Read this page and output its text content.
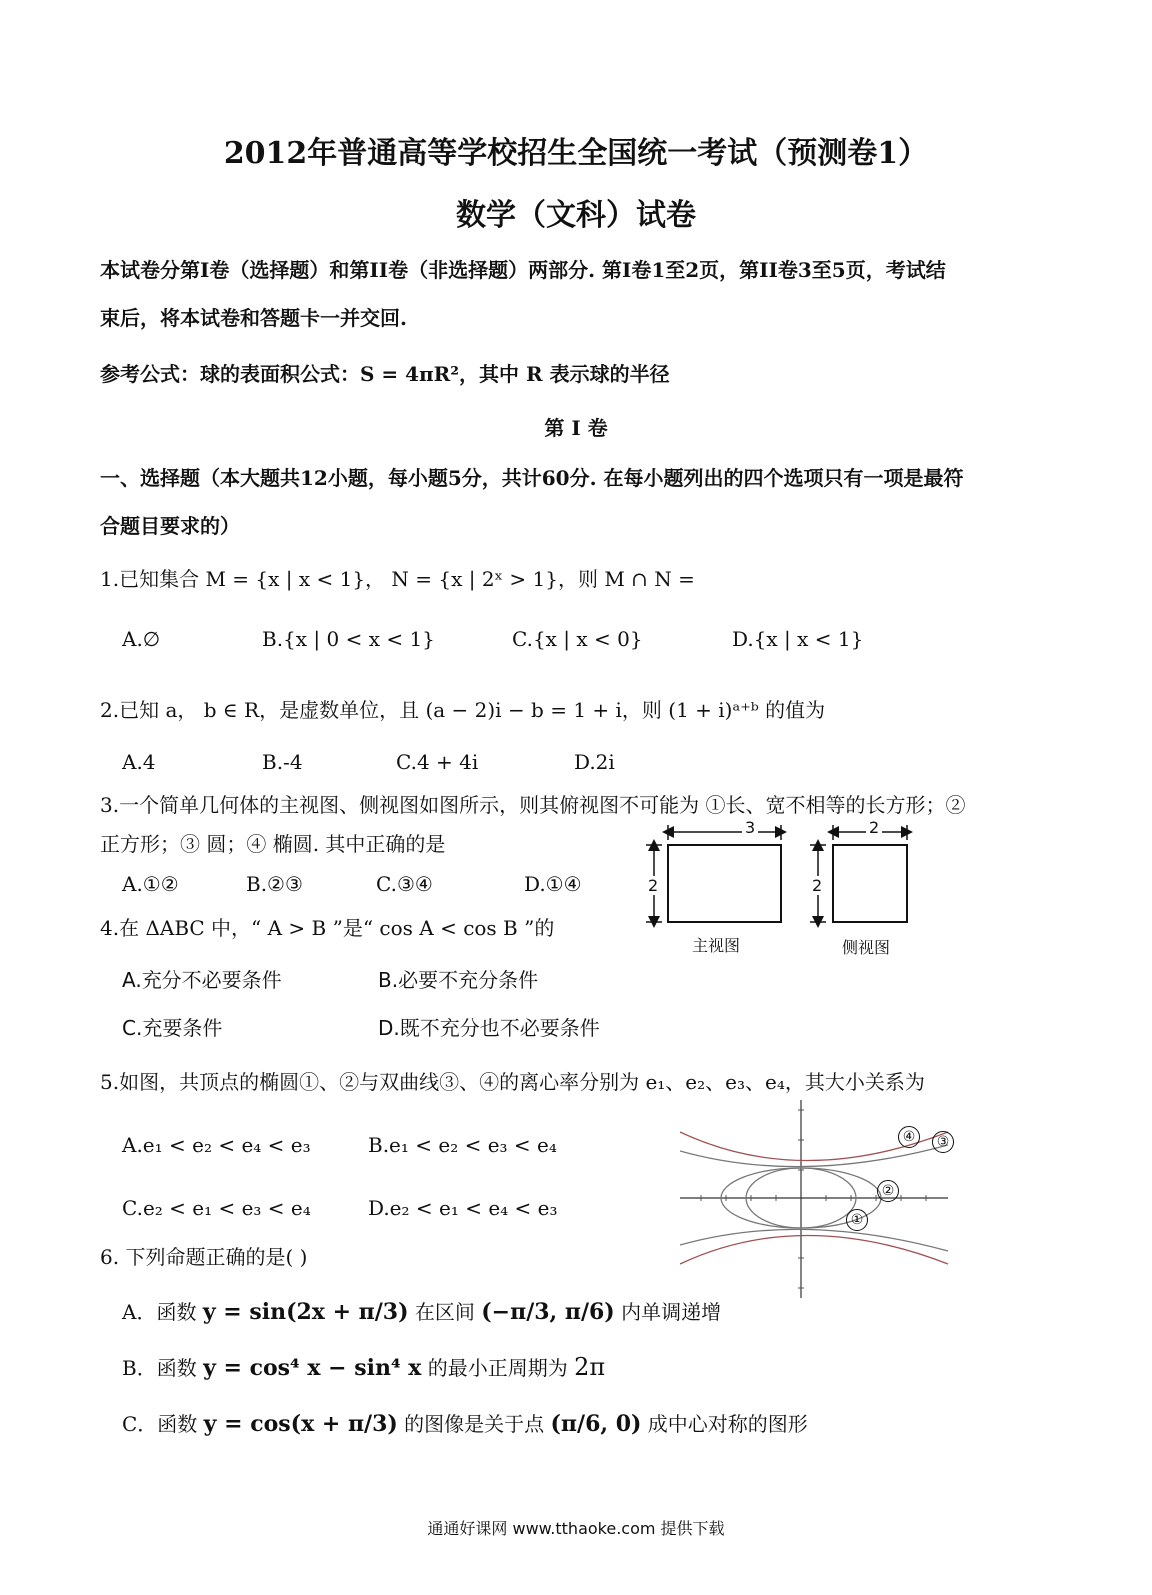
2012年普通高等学校招生全国统一考试（预测卷1）
数学（文科）试卷
本试卷分第I卷（选择题）和第II卷（非选择题）两部分. 第I卷1至2页，第II卷3至5页，考试结
束后，将本试卷和答题卡一并交回.
参考公式：球的表面积公式：S = 4πR²，其中 R 表示球的半径
第 I 卷
一、选择题（本大题共12小题，每小题5分，共计60分. 在每小题列出的四个选项只有一项是最符
合题目要求的）
1.已知集合 M = {x | x < 1}， N = {x | 2ˣ > 1}，则 M ∩ N =
A.∅	B.{x | 0 < x < 1}	C.{x | x < 0}	D.{x | x < 1}
2.已知 a， b ∈ R，是虚数单位，且 (a − 2)i − b = 1 + i，则 (1 + i)ᵃ⁺ᵇ 的值为
A.4	B.-4	C.4 + 4i	D.2i
3.一个简单几何体的主视图、侧视图如图所示，则其俯视图不可能为 ①长、宽不相等的长方形；②
正方形；③ 圆；④ 椭圆. 其中正确的是
A.①②	B.②③	C.③④	D.①④
3
2
2
2
主视图	侧视图
4.在 ΔABC 中，“ A > B ”是“ cos A < cos B ”的
A.充分不必要条件	B.必要不充分条件
C.充要条件	D.既不充分也不必要条件
5.如图，共顶点的椭圆①、②与双曲线③、④的离心率分别为 e₁、e₂、e₃、e₄，其大小关系为
A.e₁ < e₂ < e₄ < e₃	B.e₁ < e₂ < e₃ < e₄
C.e₂ < e₁ < e₃ < e₄	D.e₂ < e₁ < e₄ < e₃
④	③
②
①
6. 下列命题正确的是( )
A．函数 y = sin(2x + π/3) 在区间 (−π/3, π/6) 内单调递增
B．函数 y = cos⁴ x − sin⁴ x 的最小正周期为 2π
C．函数 y = cos(x + π/3) 的图像是关于点 (π/6, 0) 成中心对称的图形
通通好课网 www.tthaoke.com 提供下载
